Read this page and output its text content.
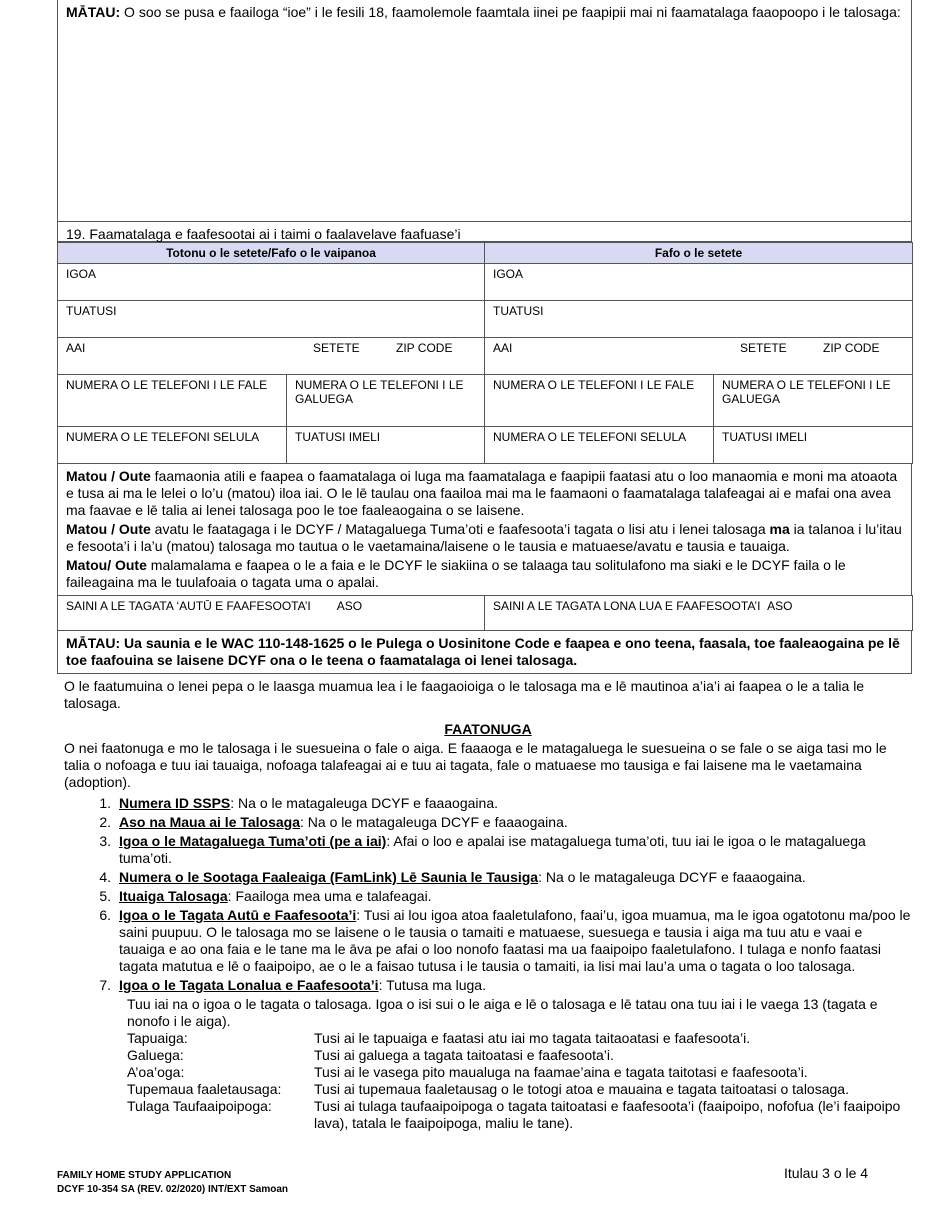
MĀTAU: O soo se pusa e faailoga “ioe” i le fesili 18, faamolemole faamtala iinei pe faapipii mai ni faamatalaga faaopoopo i le talosaga:
19. Faamatalaga e faafesootai ai i taimi o faalavelave faafuase’i
Totonu o le setete/Fafo o le vaipanoa		Fafo o le setete	
IGOA		IGOA	
TUATUSI		TUATUSI	
AAI SETETE ZIP CODE		AAI SETETE ZIP CODE	

NUMERA O LE TELEFONI I LE FALE	NUMERA O LE TELEFONI I LE GALUEGA	NUMERA O LE TELEFONI I LE FALE	NUMERA O LE TELEFONI I LE GALUEGA
NUMERA O LE TELEFONI SELULA	TUATUSI IMELI	NUMERA O LE TELEFONI SELULA	TUATUSI IMELI

Matou / Oute faamaonia atili e faapea o faamatalaga oi luga ma faamatalaga e faapipii faatasi atu o loo manaomia e moni ma atoaota e tusa ai ma le lelei o lo’u (matou) iloa iai. O le lē taulau ona faailoa mai ma le faamaoni o faamatalaga talafeagai ai e mafai ona avea ma faavae e lē talia ai lenei talosaga poo le toe faaleaogaina o se laisene.

Matou / Oute avatu le faatagaga i le DCYF / Matagaluega Tuma’oti e faafesoota’i tagata o lisi atu i lenei talosaga ma ia talanoa i lu’itau e fesoota’i i la’u (matou) talosaga mo tautua o le vaetamaina/laisene o le tausia e matuaese/avatu e tausia e tauaiga.

Matou/ Oute malamalama e faapea o le a faia e le DCYF le siakiina o se talaaga tau solitulafono ma siaki e le DCYF faila o le faileagaina ma le tuulafoaia o tagata uma o apalai.

SAINI A LE TAGATA ‘AUTŪ E FAAFESOOTA’I ASO	SAINI A LE TAGATA LONA LUA E FAAFESOOTA’I ASO
MĀTAU: Ua saunia e le WAC 110-148-1625 o le Pulega o Uosinitone Code e faapea e ono teena, faasala, toe faaleaogaina pe lē toe faafouina se laisene DCYF ona o le teena o faamatalaga oi lenei talosaga.

O le faatumuina o lenei pepa o le laasga muamua lea i le faagaoioiga o le talosaga ma e lē mautinoa a’ia’i ai faapea o le a talia le talosaga.

FAATONUGA

O nei faatonuga e mo le talosaga i le suesueina o fale o aiga. E faaaoga e le matagaluega le suesueina o se fale o se aiga tasi mo le talia o nofoaga e tuu iai tauaiga, nofoaga talafeagai ai e tuu ai tagata, fale o matuaese mo tausiga e fai laisene ma le vaetamaina (adoption).

1. Numera ID SSPS: Na o le matagaleuga DCYF e faaaogaina.
2. Aso na Maua ai le Talosaga: Na o le matagaleuga DCYF e faaaogaina.
3. Igoa o le Matagaluega Tuma’oti (pe a iai): Afai o loo e apalai ise matagaluega tuma’oti, tuu iai le igoa o le matagaluega tuma’oti.
4. Numera o le Sootaga Faaleaiga (FamLink) Lē Saunia le Tausiga: Na o le matagaleuga DCYF e faaaogaina.
5. Ituaiga Talosaga: Faailoga mea uma e talafeagai.
6. Igoa o le Tagata Autū e Faafesoota’i: Tusi ai lou igoa atoa faaletulafono, faai’u, igoa muamua, ma le igoa ogatotonu ma/poo le saini puupuu. O le talosaga mo se laisene o le tausia o tamaiti e matuaese, suesuega e tausia i aiga ma tuu atu e vaai e tauaiga e ao ona faia e le tane ma le āva pe afai o loo nonofo faatasi ma ua faaipoipo faaletulafono. I tulaga e nonfo faatasi tagata matutua e lē o faaipoipo, ae o le a faisao tutusa i le tausia o tamaiti, ia lisi mai lau’a uma o tagata o loo talosaga.
7. Igoa o le Tagata Lonalua e Faafesoota’i: Tutusa ma luga.
Tuu iai na o igoa o le tagata o talosaga. Igoa o isi sui o le aiga e lē o talosaga e lē tatau ona tuu iai i le vaega 13 (tagata e nonofo i le aiga).
Tapuaiga:	Tusi ai le tapuaiga e faatasi atu iai mo tagata taitaoatasi e faafesoota’i.
Galuega:	Tusi ai galuega a tagata taitoatasi e faafesoota’i.
A’oa’oga:	Tusi ai le vasega pito maualuga na faamae’aina e tagata taitotasi e faafesoota’i.
Tupemaua faaletausaga:	Tusi ai tupemaua faaletausag o le totogi atoa e mauaina e tagata taitoatasi o talosaga.
Tulaga Taufaaipoipoga:	Tusi ai tulaga taufaaipoipoga o tagata taitoatasi e faafesoota’i (faaipoipo, nofofua (le’i faaipoipo lava), tatala le faaipoipoga, maliu le tane).
FAMILY HOME STUDY APPLICATION
DCYF 10-354 SA (REV. 02/2020) INT/EXT Samoan
Itulau 3 o le 4
